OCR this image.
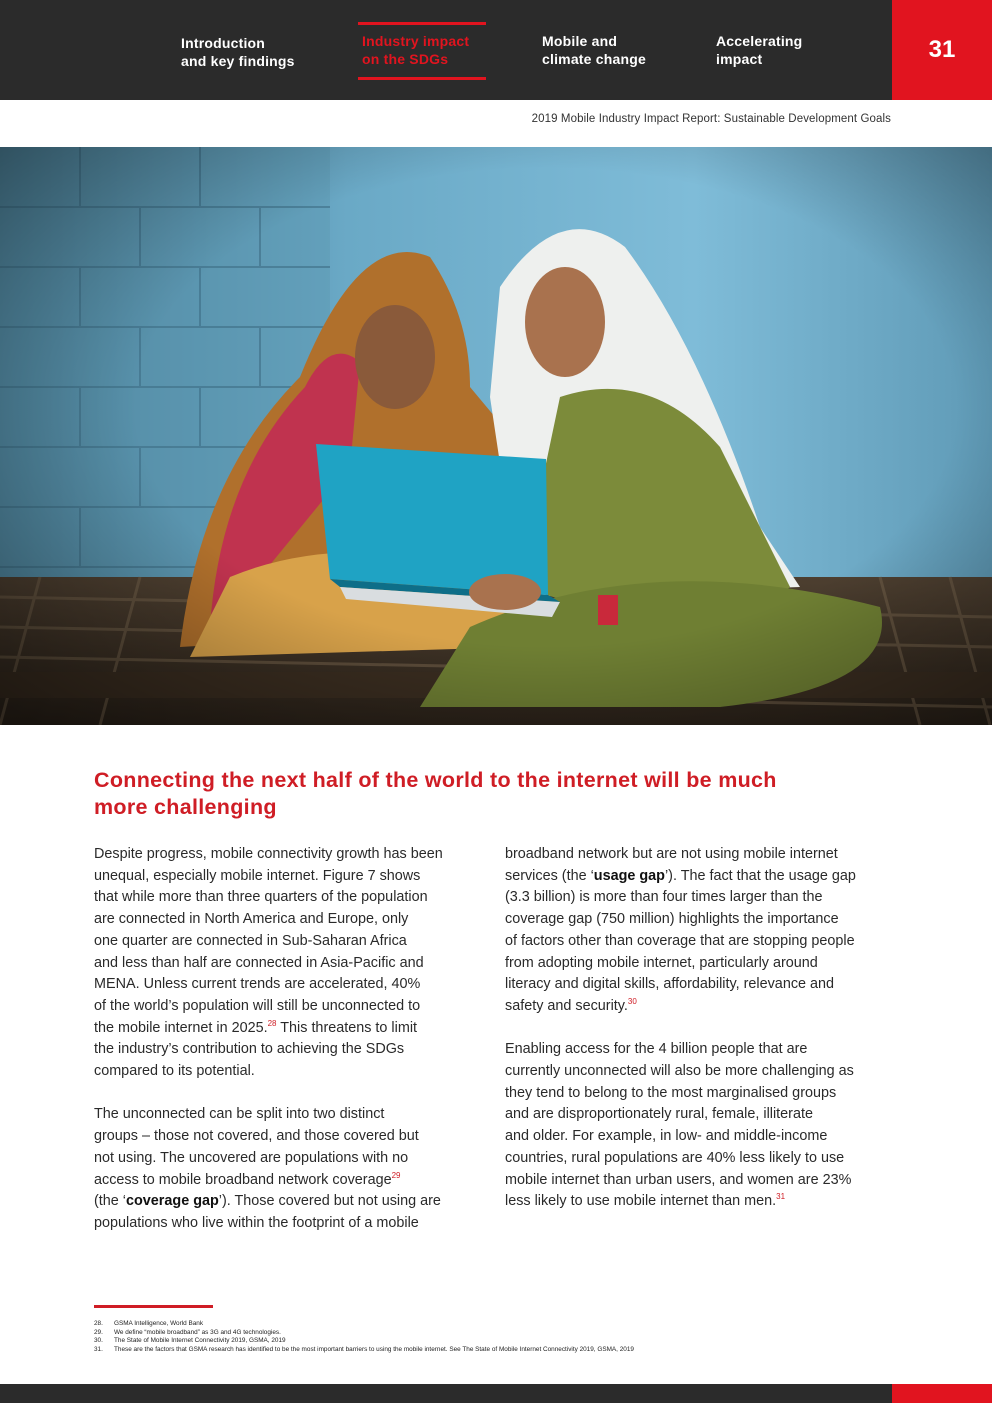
Introduction
and key findings
Industry impact
on the SDGs
Mobile and
climate change
Accelerating
impact	31
2019 Mobile Industry Impact Report: Sustainable Development Goals
Connecting the next half of the world to the internet will be much
more challenging
Despite progress, mobile connectivity growth has been
unequal, especially mobile internet. Figure 7 shows
that while more than three quarters of the population
are connected in North America and Europe, only
one quarter are connected in Sub-Saharan Africa
and less than half are connected in Asia-Pacific and
MENA. Unless current trends are accelerated, 40%
of the world’s population will still be unconnected to
the mobile internet in 2025.28 This threatens to limit
the industry’s contribution to achieving the SDGs
compared to its potential.
The unconnected can be split into two distinct
groups – those not covered, and those covered but
not using. The uncovered are populations with no
access to mobile broadband network coverage$^{29}$
(the ‘coverage gap’). Those covered but not using are
populations who live within the footprint of a mobile
broadband network but are not using mobile internet
services (the ‘usage gap’). The fact that the usage gap
(3.3 billion) is more than four times larger than the
coverage gap (750 million) highlights the importance
of factors other than coverage that are stopping people
from adopting mobile internet, particularly around
literacy and digital skills, affordability, relevance and
safety and security.$^{30}$
Enabling access for the 4 billion people that are
currently unconnected will also be more challenging as
they tend to belong to the most marginalised groups
and are disproportionately rural, female, illiterate
and older. For example, in low- and middle-income
countries, rural populations are 40% less likely to use
mobile internet than urban users, and women are 23%
less likely to use mobile internet than men.$^{31}$
28.	GSMA Intelligence, World Bank
29.	We define “mobile broadband” as 3G and 4G technologies.
30.	The State of Mobile Internet Connectivity 2019, GSMA, 2019
31.	These are the factors that GSMA research has identified to be the most important barriers to using the mobile internet. See The State of Mobile Internet Connectivity 2019, GSMA, 2019
